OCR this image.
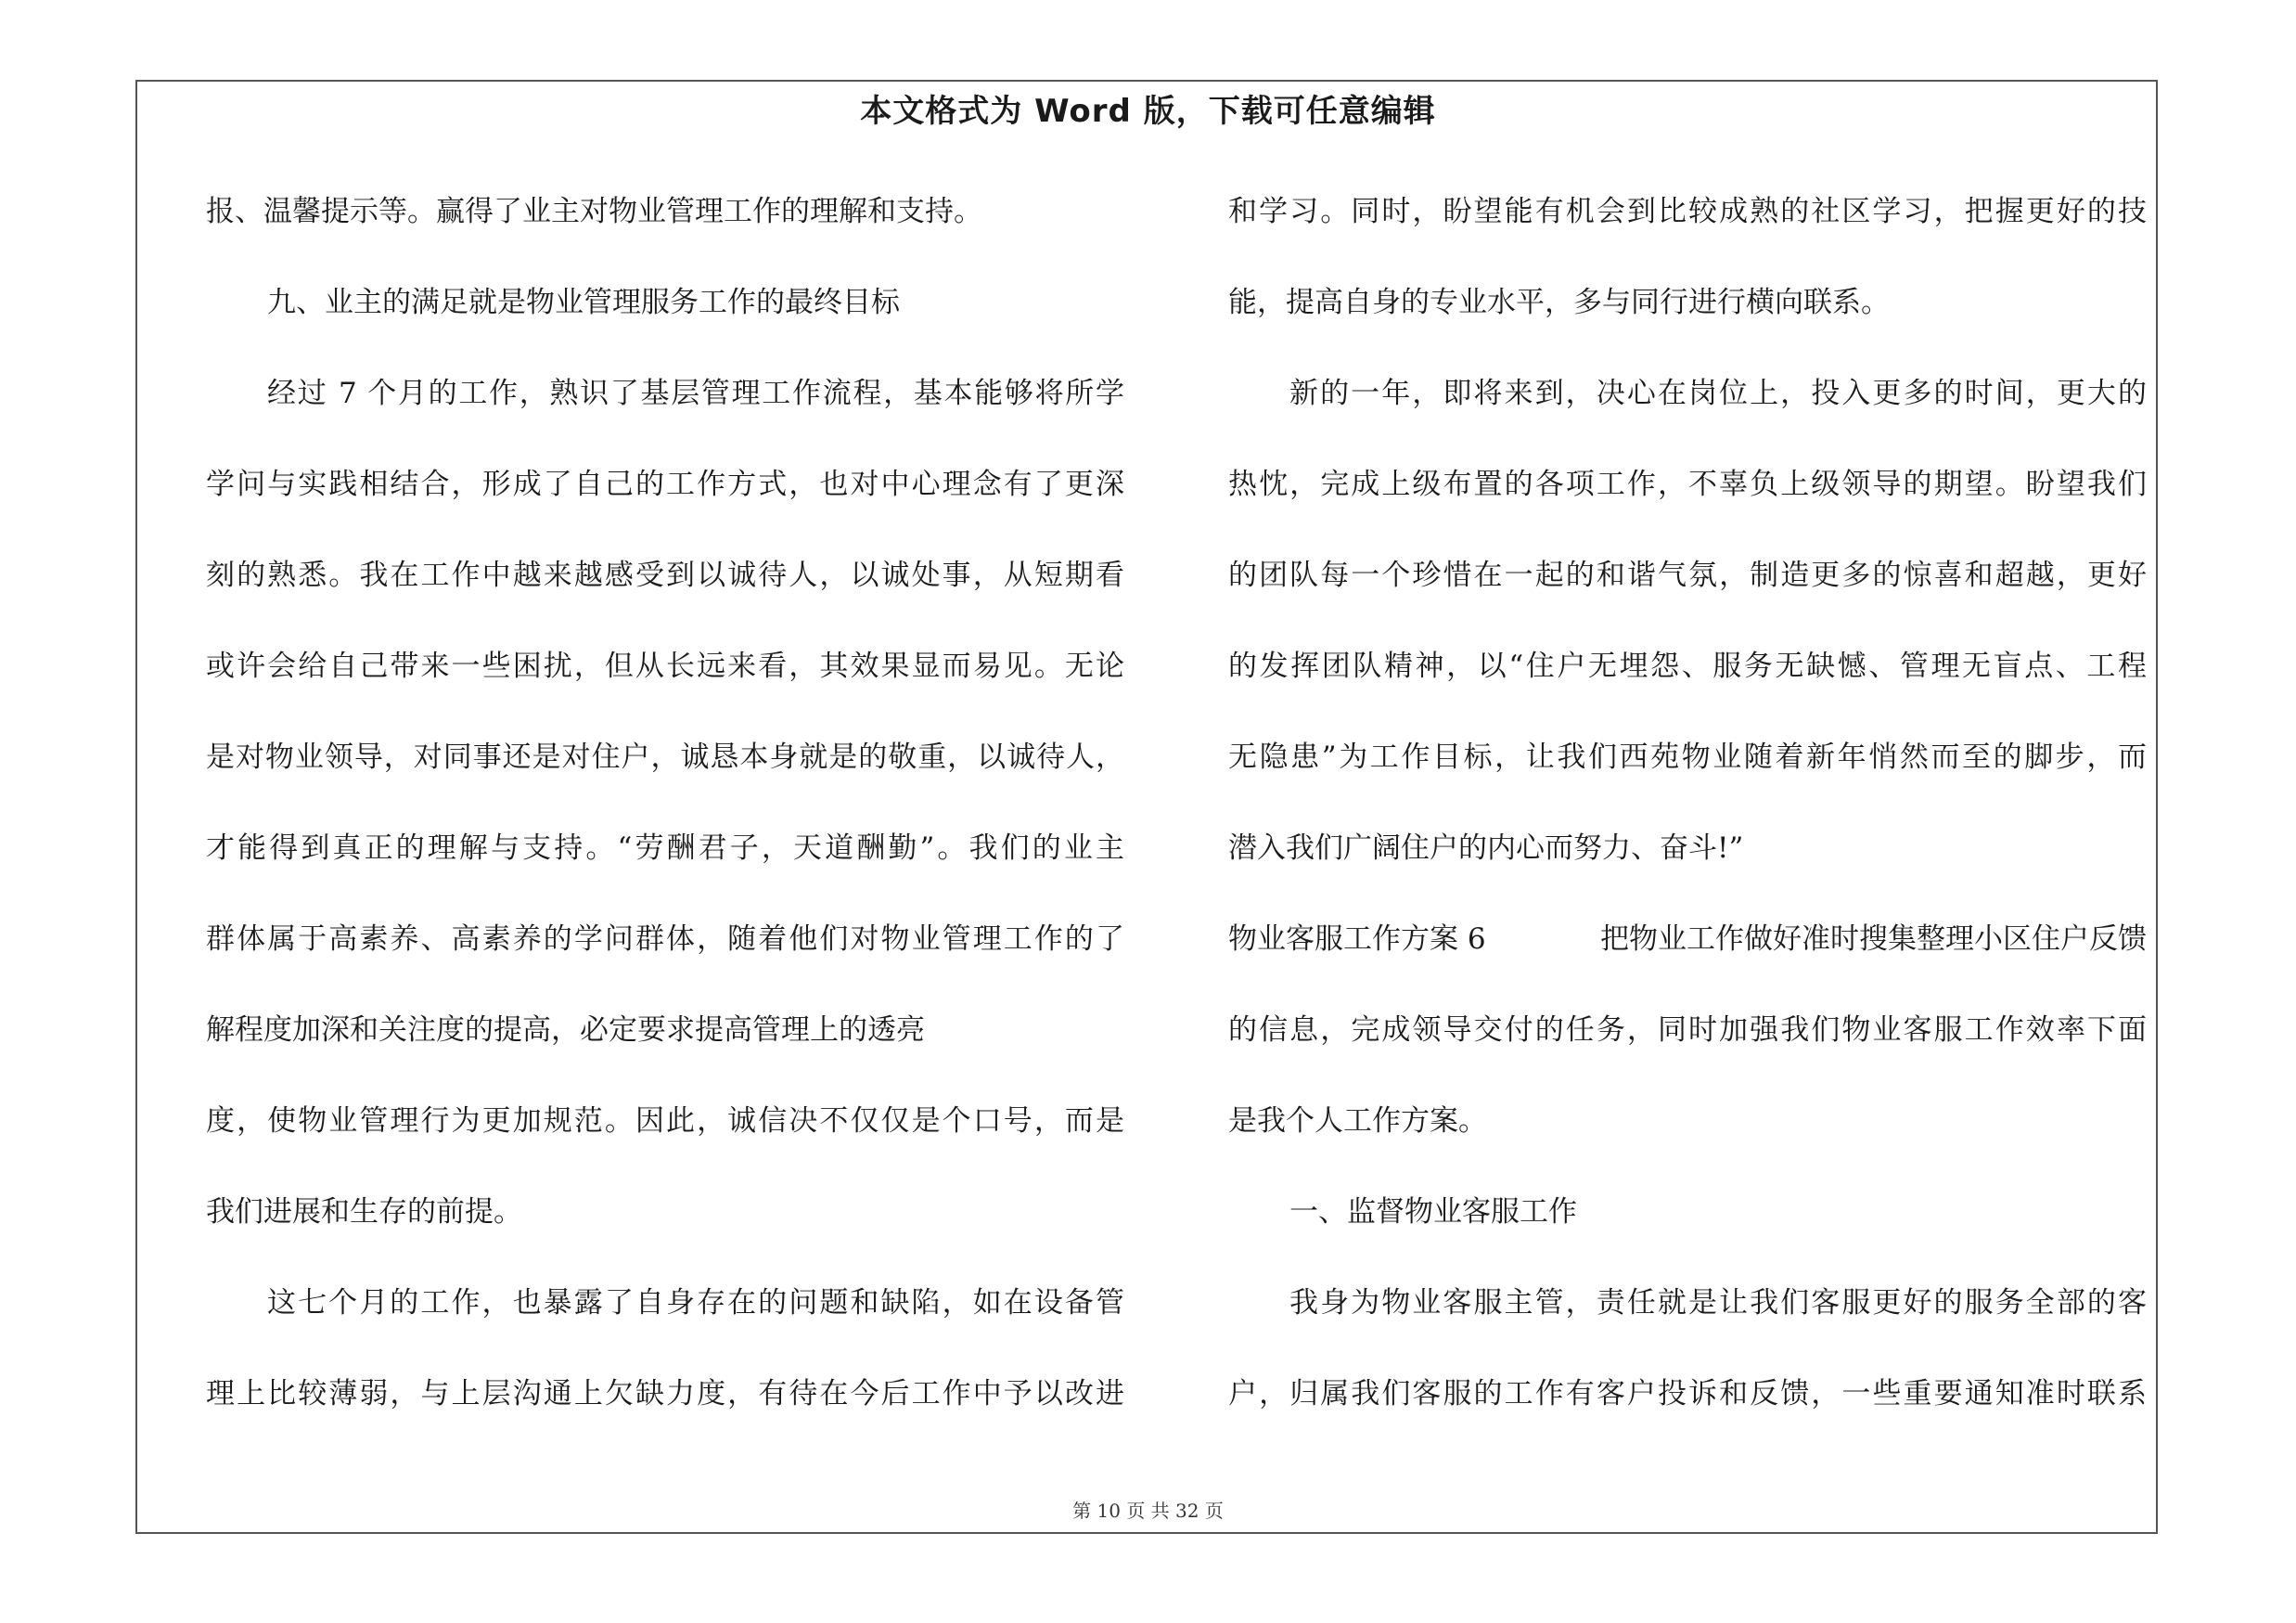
本文格式为 Word 版，下载可任意编辑
报、温馨提示等。赢得了业主对物业管理工作的理解和支持。
九、业主的满足就是物业管理服务工作的最终目标
经过 7 个月的工作，熟识了基层管理工作流程，基本能够将所学
学问与实践相结合，形成了自己的工作方式，也对中心理念有了更深
刻的熟悉。我在工作中越来越感受到以诚待人，以诚处事，从短期看
或许会给自己带来一些困扰，但从长远来看，其效果显而易见。无论
是对物业领导，对同事还是对住户，诚恳本身就是的敬重，以诚待人，
才能得到真正的理解与支持。“劳酬君子，天道酬勤”。我们的业主
群体属于高素养、高素养的学问群体，随着他们对物业管理工作的了
解程度加深和关注度的提高，必定要求提高管理上的透亮
度，使物业管理行为更加规范。因此，诚信决不仅仅是个口号，而是
我们进展和生存的前提。
这七个月的工作，也暴露了自身存在的问题和缺陷，如在设备管
理上比较薄弱，与上层沟通上欠缺力度，有待在今后工作中予以改进
和学习。同时，盼望能有机会到比较成熟的社区学习，把握更好的技
能，提高自身的专业水平，多与同行进行横向联系。
新的一年，即将来到，决心在岗位上，投入更多的时间，更大的
热忱，完成上级布置的各项工作，不辜负上级领导的期望。盼望我们
的团队每一个珍惜在一起的和谐气氛，制造更多的惊喜和超越，更好
的发挥团队精神，以“住户无埋怨、服务无缺憾、管理无盲点、工程
无隐患”为工作目标，让我们西苑物业随着新年悄然而至的脚步，而
潜入我们广阔住户的内心而努力、奋斗!”
物业客服工作方案 6	把物业工作做好准时搜集整理小区住户反馈
的信息，完成领导交付的任务，同时加强我们物业客服工作效率下面
是我个人工作方案。
一、监督物业客服工作
我身为物业客服主管，责任就是让我们客服更好的服务全部的客
户，归属我们客服的工作有客户投诉和反馈，一些重要通知准时联系
第 10 页 共 32 页
